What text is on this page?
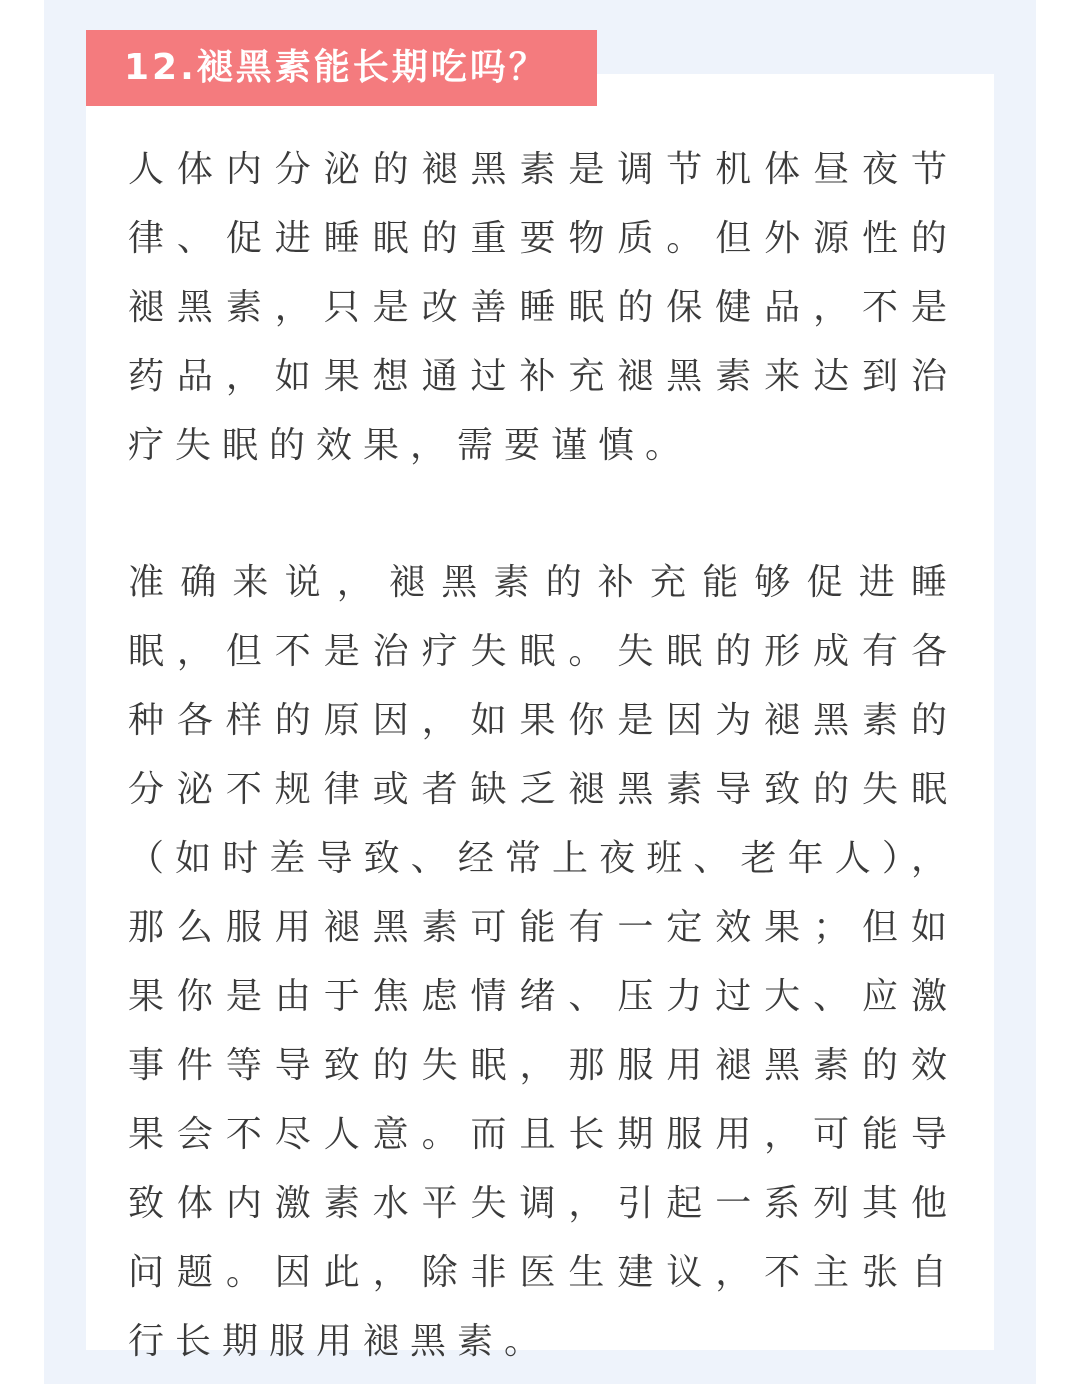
12.褪黑素能长期吃吗？

人体内分泌的褪黑素是调节机体昼夜节律、促进睡眠的重要物质。但外源性的褪黑素，只是改善睡眠的保健品，不是药品，如果想通过补充褪黑素来达到治疗失眠的效果，需要谨慎。

准确来说，褪黑素的补充能够促进睡眠，但不是治疗失眠。失眠的形成有各种各样的原因，如果你是因为褪黑素的分泌不规律或者缺乏褪黑素导致的失眠（如时差导致、经常上夜班、老年人），那么服用褪黑素可能有一定效果；但如果你是由于焦虑情绪、压力过大、应激事件等导致的失眠，那服用褪黑素的效果会不尽人意。而且长期服用，可能导致体内激素水平失调，引起一系列其他问题。因此，除非医生建议，不主张自行长期服用褪黑素。
